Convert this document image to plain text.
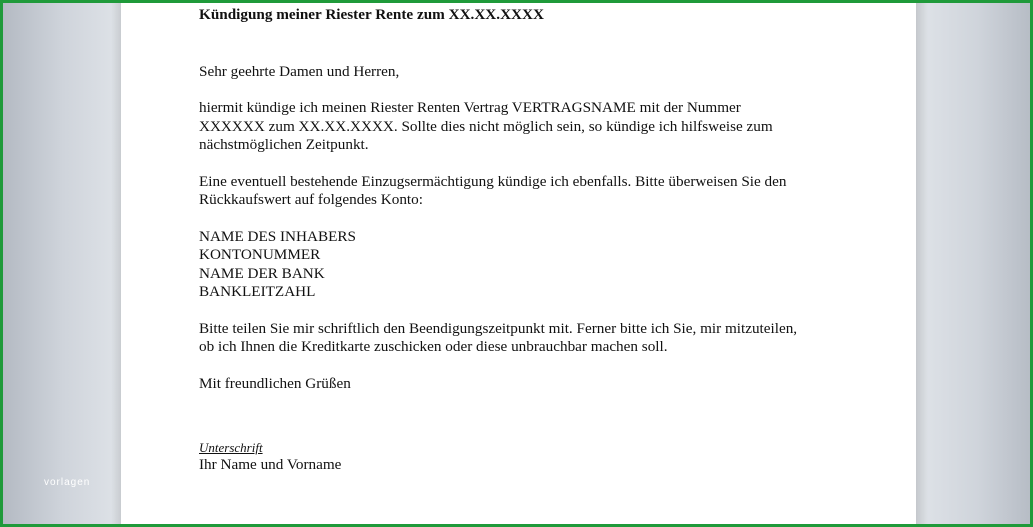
Kündigung meiner Riester Rente zum XX.XX.XXXX

Sehr geehrte Damen und Herren,

hiermit kündige ich meinen Riester Renten Vertrag VERTRAGSNAME mit der Nummer
XXXXXX zum XX.XX.XXXX. Sollte dies nicht möglich sein, so kündige ich hilfsweise zum
nächstmöglichen Zeitpunkt.

Eine eventuell bestehende Einzugsermächtigung kündige ich ebenfalls. Bitte überweisen Sie den
Rückkaufswert auf folgendes Konto:

NAME DES INHABERS

KONTONUMMER

NAME DER BANK

BANKLEITZAHL

Bitte teilen Sie mir schriftlich den Beendigungszeitpunkt mit. Ferner bitte ich Sie, mir mitzuteilen,
ob ich Ihnen die Kreditkarte zuschicken oder diese unbrauchbar machen soll.

Mit freundlichen Grüßen

Unterschrift

Ihr Name und Vorname

vorlagen
